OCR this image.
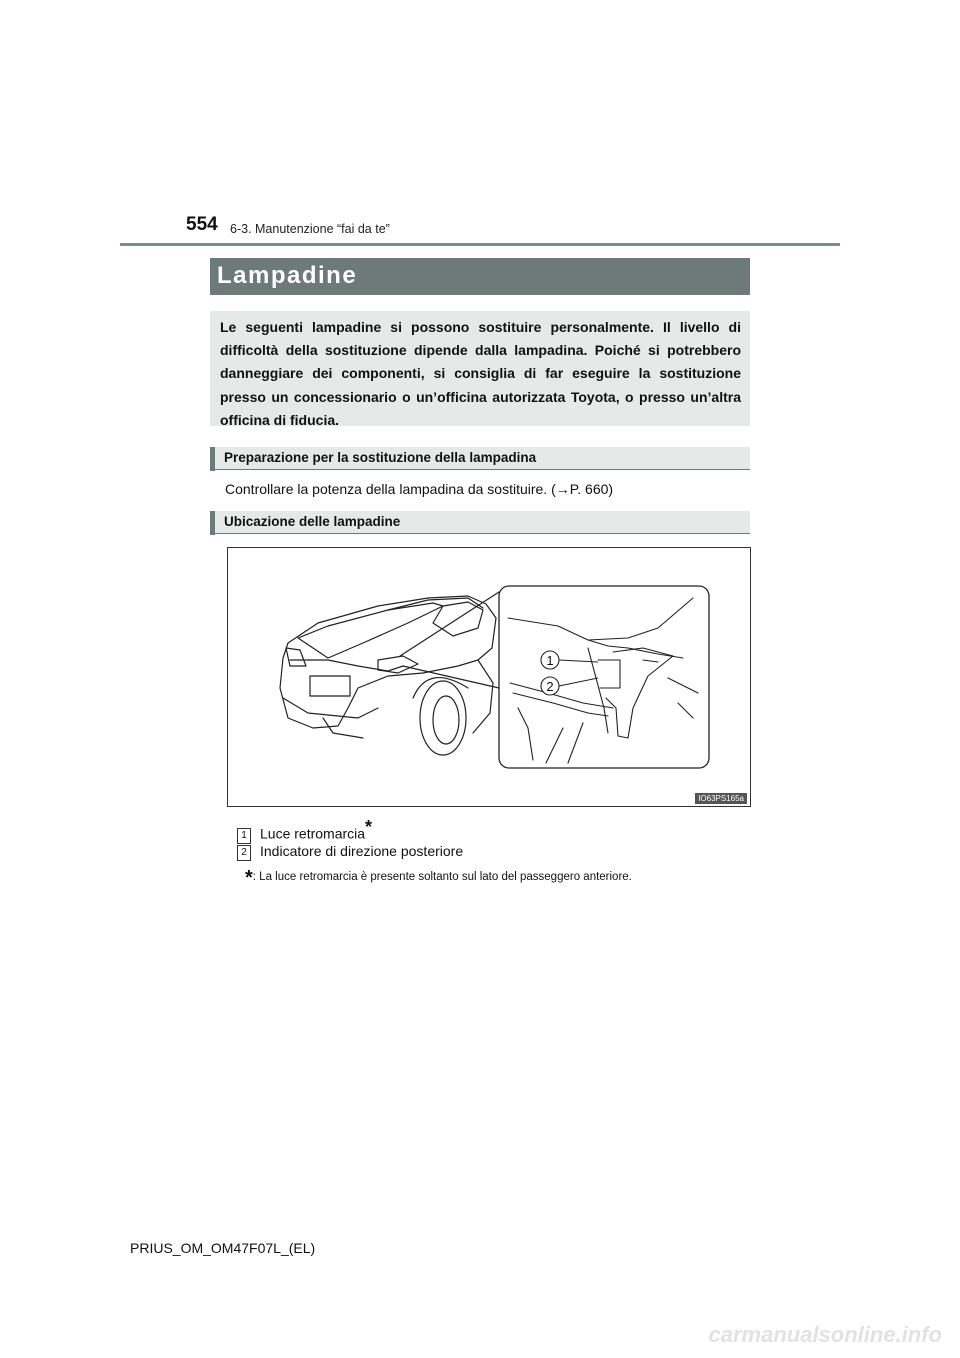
554 6-3. Manutenzione “fai da te”
Lampadine
Le seguenti lampadine si possono sostituire personalmente. Il livello di difficoltà della sostituzione dipende dalla lampadina. Poiché si potrebbero danneggiare dei componenti, si consiglia di far eseguire la sostituzione presso un concessionario o un’officina autorizzata Toyota, o presso un’altra officina di fiducia.
Preparazione per la sostituzione della lampadina
Controllare la potenza della lampadina da sostituire. (→P. 660)
Ubicazione delle lampadine
1
2
IO63PS165a
1 Luce retromarcia*
2 Indicatore di direzione posteriore
*: La luce retromarcia è presente soltanto sul lato del passeggero anteriore.
PRIUS_OM_OM47F07L_(EL)
carmanualsonline.info
